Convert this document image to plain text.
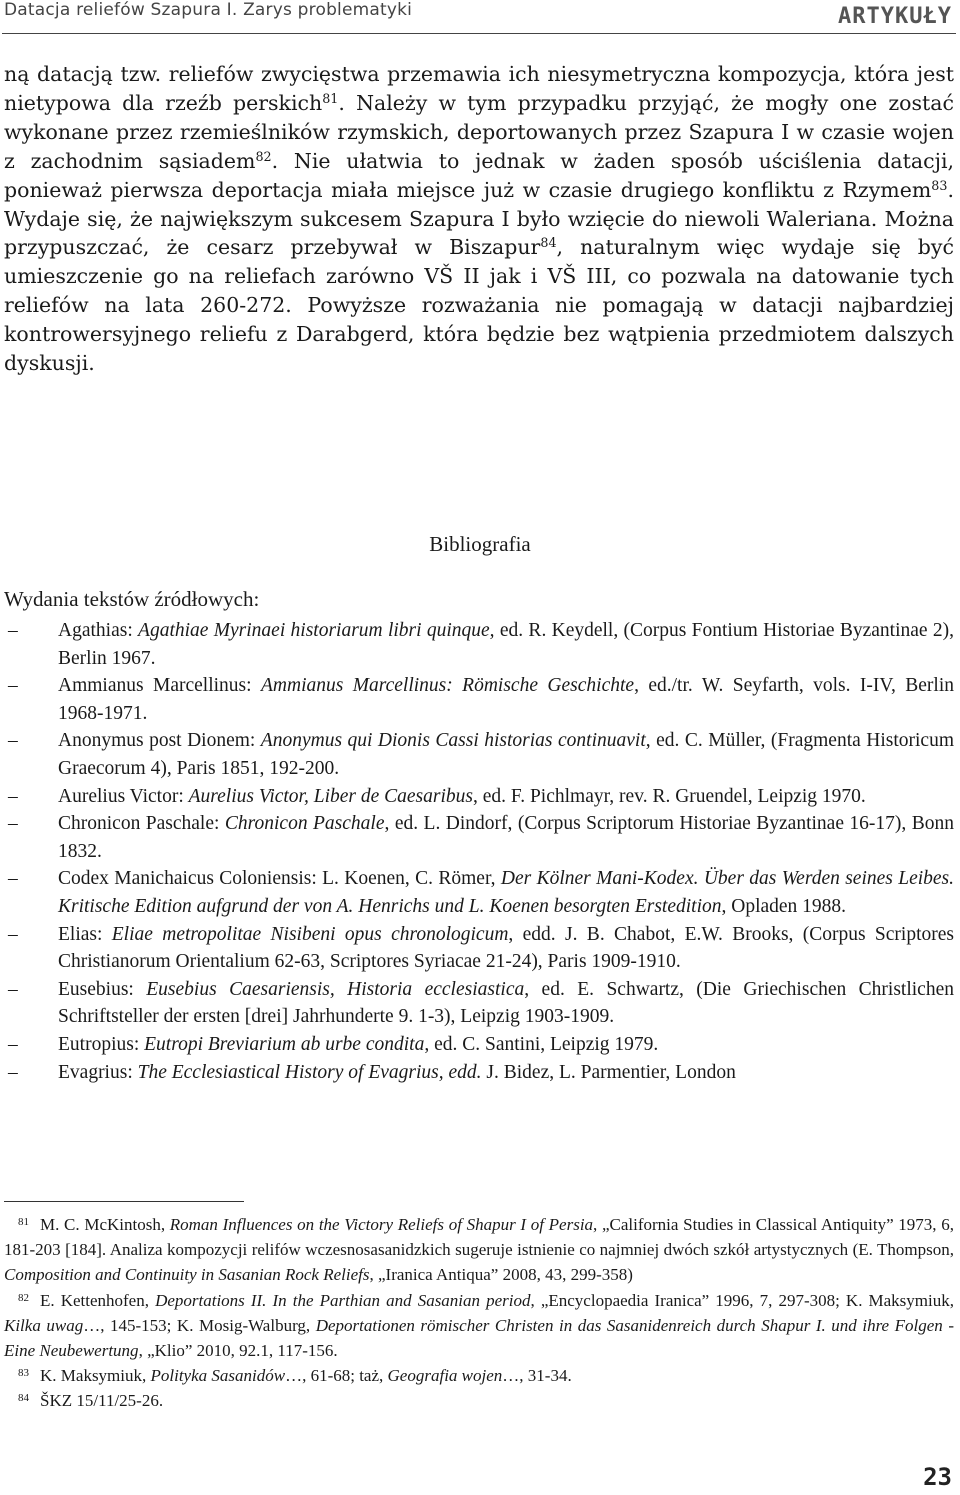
Datacja reliefów Szapura I. Zarys problematyki	ARTYKUŁY

ną datacją tzw. reliefów zwycięstwa przemawia ich niesymetryczna kompozycja, która jest nietypowa dla rzeźb perskich$^{81}$. Należy w tym przypadku przyjąć, że mogły one zostać wykonane przez rzemieślników rzymskich, deportowanych przez Szapura I w czasie wojen z zachodnim sąsiadem$^{82}$. Nie ułatwia to jednak w żaden sposób uściślenia datacji, ponieważ pierwsza deportacja miała miejsce już w czasie drugiego konfliktu z Rzymem$^{83}$. Wydaje się, że największym sukcesem Szapura I było wzięcie do niewoli Waleriana. Można przypuszczać, że cesarz przebywał w Biszapur$^{84}$, naturalnym więc wydaje się być umieszczenie go na reliefach zarówno VŠ II jak i VŠ III, co pozwala na datowanie tych reliefów na lata 260-272. Powyższe rozważania nie pomagają w datacji najbardziej kontrowersyjnego reliefu z Darabgerd, która będzie bez wątpienia przedmiotem dalszych dyskusji.

Bibliografia
Wydania tekstów źródłowych:
– Agathias: Agathiae Myrinaei historiarum libri quinque, ed. R. Keydell, (Corpus Fontium Historiae Byzantinae 2), Berlin 1967.
– Ammianus Marcellinus: Ammianus Marcellinus: Römische Geschichte, ed./tr. W. Seyfarth, vols. I-IV, Berlin 1968-1971.
– Anonymus post Dionem: Anonymus qui Dionis Cassi historias continuavit, ed. C. Müller, (Fragmenta Historicum Graecorum 4), Paris 1851, 192-200.
– Aurelius Victor: Aurelius Victor, Liber de Caesaribus, ed. F. Pichlmayr, rev. R. Gruendel, Leipzig 1970.
– Chronicon Paschale: Chronicon Paschale, ed. L. Dindorf, (Corpus Scriptorum Historiae Byzantinae 16-17), Bonn 1832.
– Codex Manichaicus Coloniensis: L. Koenen, C. Römer, Der Kölner Mani-Kodex. Über das Werden seines Leibes. Kritische Edition aufgrund der von A. Henrichs und L. Koenen besorgten Erstedition, Opladen 1988.
– Elias: Eliae metropolitae Nisibeni opus chronologicum, edd. J. B. Chabot, E.W. Brooks, (Corpus Scriptores Christianorum Orientalium 62-63, Scriptores Syriacae 21-24), Paris 1909-1910.
– Eusebius: Eusebius Caesariensis, Historia ecclesiastica, ed. E. Schwartz, (Die Griechischen Christlichen Schriftsteller der ersten [drei] Jahrhunderte 9. 1-3), Leipzig 1903-1909.
– Eutropius: Eutropi Breviarium ab urbe condita, ed. C. Santini, Leipzig 1979.
– Evagrius: The Ecclesiastical History of Evagrius, edd. J. Bidez, L. Parmentier, London

81 M. C. McKintosh, Roman Influences on the Victory Reliefs of Shapur I of Persia, „California Studies in Classical Antiquity” 1973, 6, 181-203 [184]. Analiza kompozycji relifów wczesnosasanidzkich sugeruje istnienie co najmniej dwóch szkół artystycznych (E. Thompson, Composition and Continuity in Sasanian Rock Reliefs, „Iranica Antiqua” 2008, 43, 299-358)

82 E. Kettenhofen, Deportations II. In the Parthian and Sasanian period, „Encyclopaedia Iranica” 1996, 7, 297-308; K. Maksymiuk, Kilka uwag…, 145-153; K. Mosig-Walburg, Deportationen römischer Christen in das Sasanidenreich durch Shapur I. und ihre Folgen - Eine Neubewertung, „Klio” 2010, 92.1, 117-156.

83 K. Maksymiuk, Polityka Sasanidów…, 61-68; taż, Geografia wojen…, 31-34.

84 ŠKZ 15/11/25-26.

23
